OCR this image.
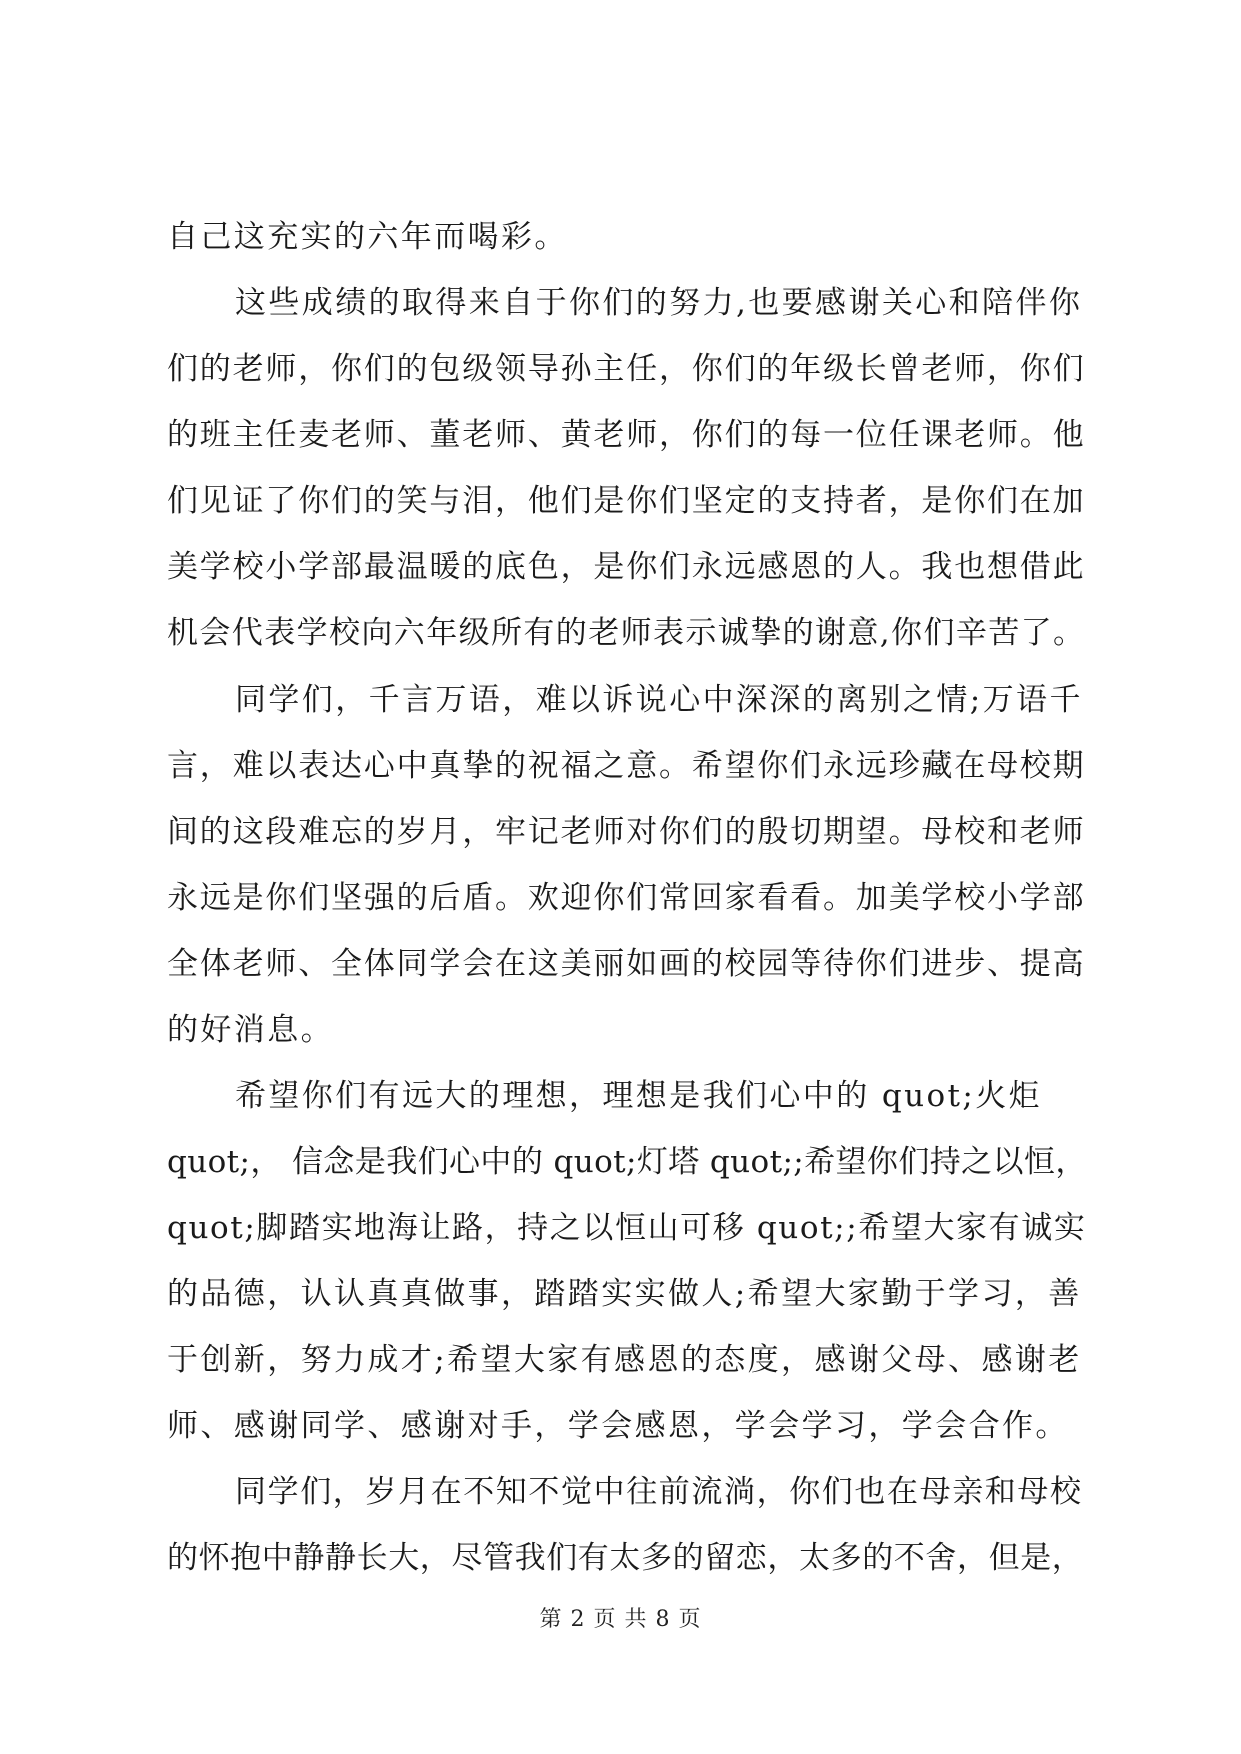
自己这充实的六年而喝彩。
这些成绩的取得来自于你们的努力,也要感谢关心和陪伴你
们的老师，你们的包级领导孙主任，你们的年级长曾老师，你们
的班主任麦老师、董老师、黄老师，你们的每一位任课老师。他
们见证了你们的笑与泪，他们是你们坚定的支持者，是你们在加
美学校小学部最温暖的底色，是你们永远感恩的人。我也想借此
机会代表学校向六年级所有的老师表示诚挚的谢意,你们辛苦了。
同学们，千言万语，难以诉说心中深深的离别之情;万语千
言，难以表达心中真挚的祝福之意。希望你们永远珍藏在母校期
间的这段难忘的岁月，牢记老师对你们的殷切期望。母校和老师
永远是你们坚强的后盾。欢迎你们常回家看看。加美学校小学部
全体老师、全体同学会在这美丽如画的校园等待你们进步、提高
的好消息。
希望你们有远大的理想，理想是我们心中的 quot;火炬
quot;， 信念是我们心中的 quot;灯塔 quot;;希望你们持之以恒，
quot;脚踏实地海让路，持之以恒山可移 quot;;希望大家有诚实
的品德，认认真真做事，踏踏实实做人;希望大家勤于学习，善
于创新，努力成才;希望大家有感恩的态度，感谢父母、感谢老
师、感谢同学、感谢对手，学会感恩，学会学习，学会合作。
同学们，岁月在不知不觉中往前流淌，你们也在母亲和母校
的怀抱中静静长大，尽管我们有太多的留恋，太多的不舍，但是，
第 2 页 共 8 页
